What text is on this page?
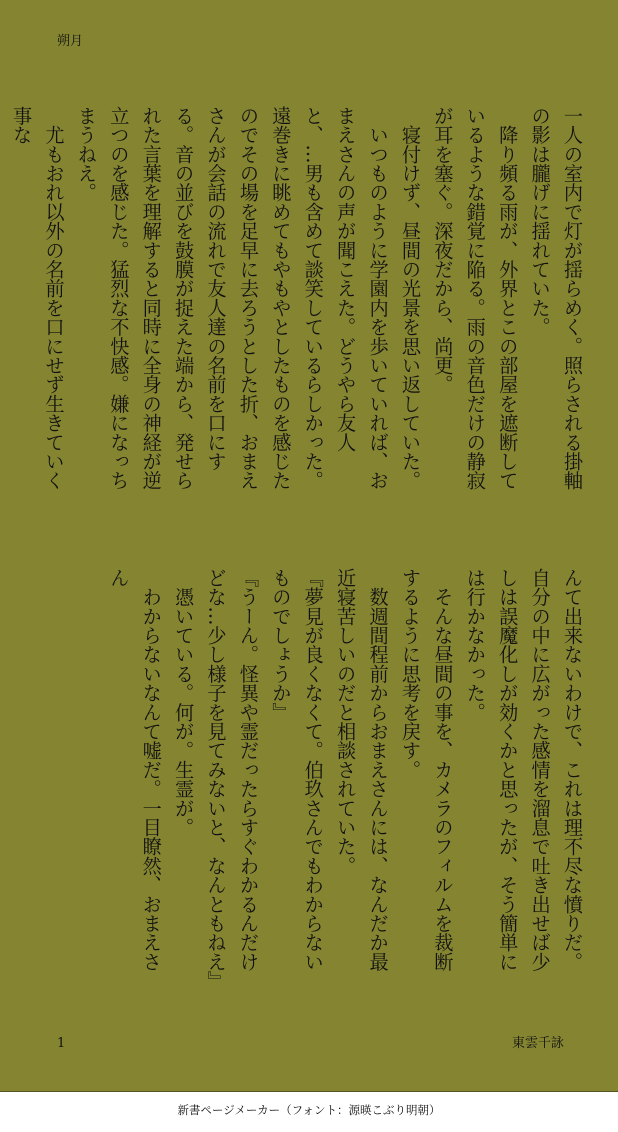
朔月

一人の室内で灯が揺らめく。照らされる掛軸の影は朧げに揺れていた。

　降り頻る雨が、外界とこの部屋を遮断しているような錯覚に陥る。雨の音色だけの静寂が耳を塞ぐ。深夜だから、尚更。

　寝付けず、昼間の光景を思い返していた。

　いつものように学園内を歩いていれば、おまえさんの声が聞こえた。どうやら友人と、…男も含めて談笑しているらしかった。遠巻きに眺めてもやもやとしたものを感じたのでその場を足早に去ろうとした折、おまえさんが会話の流れで友人達の名前を口にする。音の並びを鼓膜が捉えた端から、発せられた言葉を理解すると同時に全身の神経が逆立つのを感じた。猛烈な不快感。嫌になっちまうねえ。

　尤もおれ以外の名前を口にせず生きていく事な

んて出来ないわけで、これは理不尽な憤りだ。自分の中に広がった感情を溜息で吐き出せば少しは誤魔化しが効くかと思ったが、そう簡単には行かなかった。

　そんな昼間の事を、カメラのフィルムを裁断するように思考を戻す。

　数週間程前からおまえさんには、なんだか最近寝苦しいのだと相談されていた。

『夢見が良くなくて。伯玖さんでもわからないものでしょうか』

『うーん。怪異や霊だったらすぐわかるんだけどな…少し様子を見てみないと、なんともねえ』

　憑いている。何が。生霊が。

　わからないなんて嘘だ。一目瞭然、おまえさん

1	東雲千詠
新書ページメーカー（フォント：源暎こぶり明朝）
